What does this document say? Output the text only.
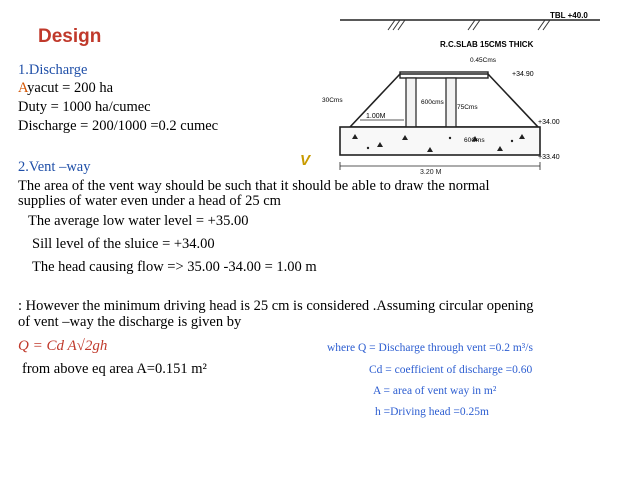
Design
1.Discharge
Ayacut = 200 ha
Duty = 1000 ha/cumec
Discharge = 200/1000 =0.2 cumec
2.Vent –way
The area of the vent way should be such that it should be able to draw the normal
supplies of water even under a head of 25 cm
The average low water level = +35.00
Sill level of the sluice = +34.00
The head causing flow => 35.00 -34.00 = 1.00 m
: However the minimum driving head is 25 cm is considered .Assuming circular opening
of vent –way the discharge is given by
Q = Cd A√2gh
from above eq area A=0.151 m²
where Q = Discharge through vent =0.2 m³/s
Cd = coefficient of discharge =0.60
A = area of vent way in m²
h =Driving head =0.25m
TBL +40.0
R.C.SLAB 15CMS THICK
0.45Cms
+34.90
30Cms	600cms
75Cms
1.00M
60Cms
+34.00
+33.40
3.20 M
V
